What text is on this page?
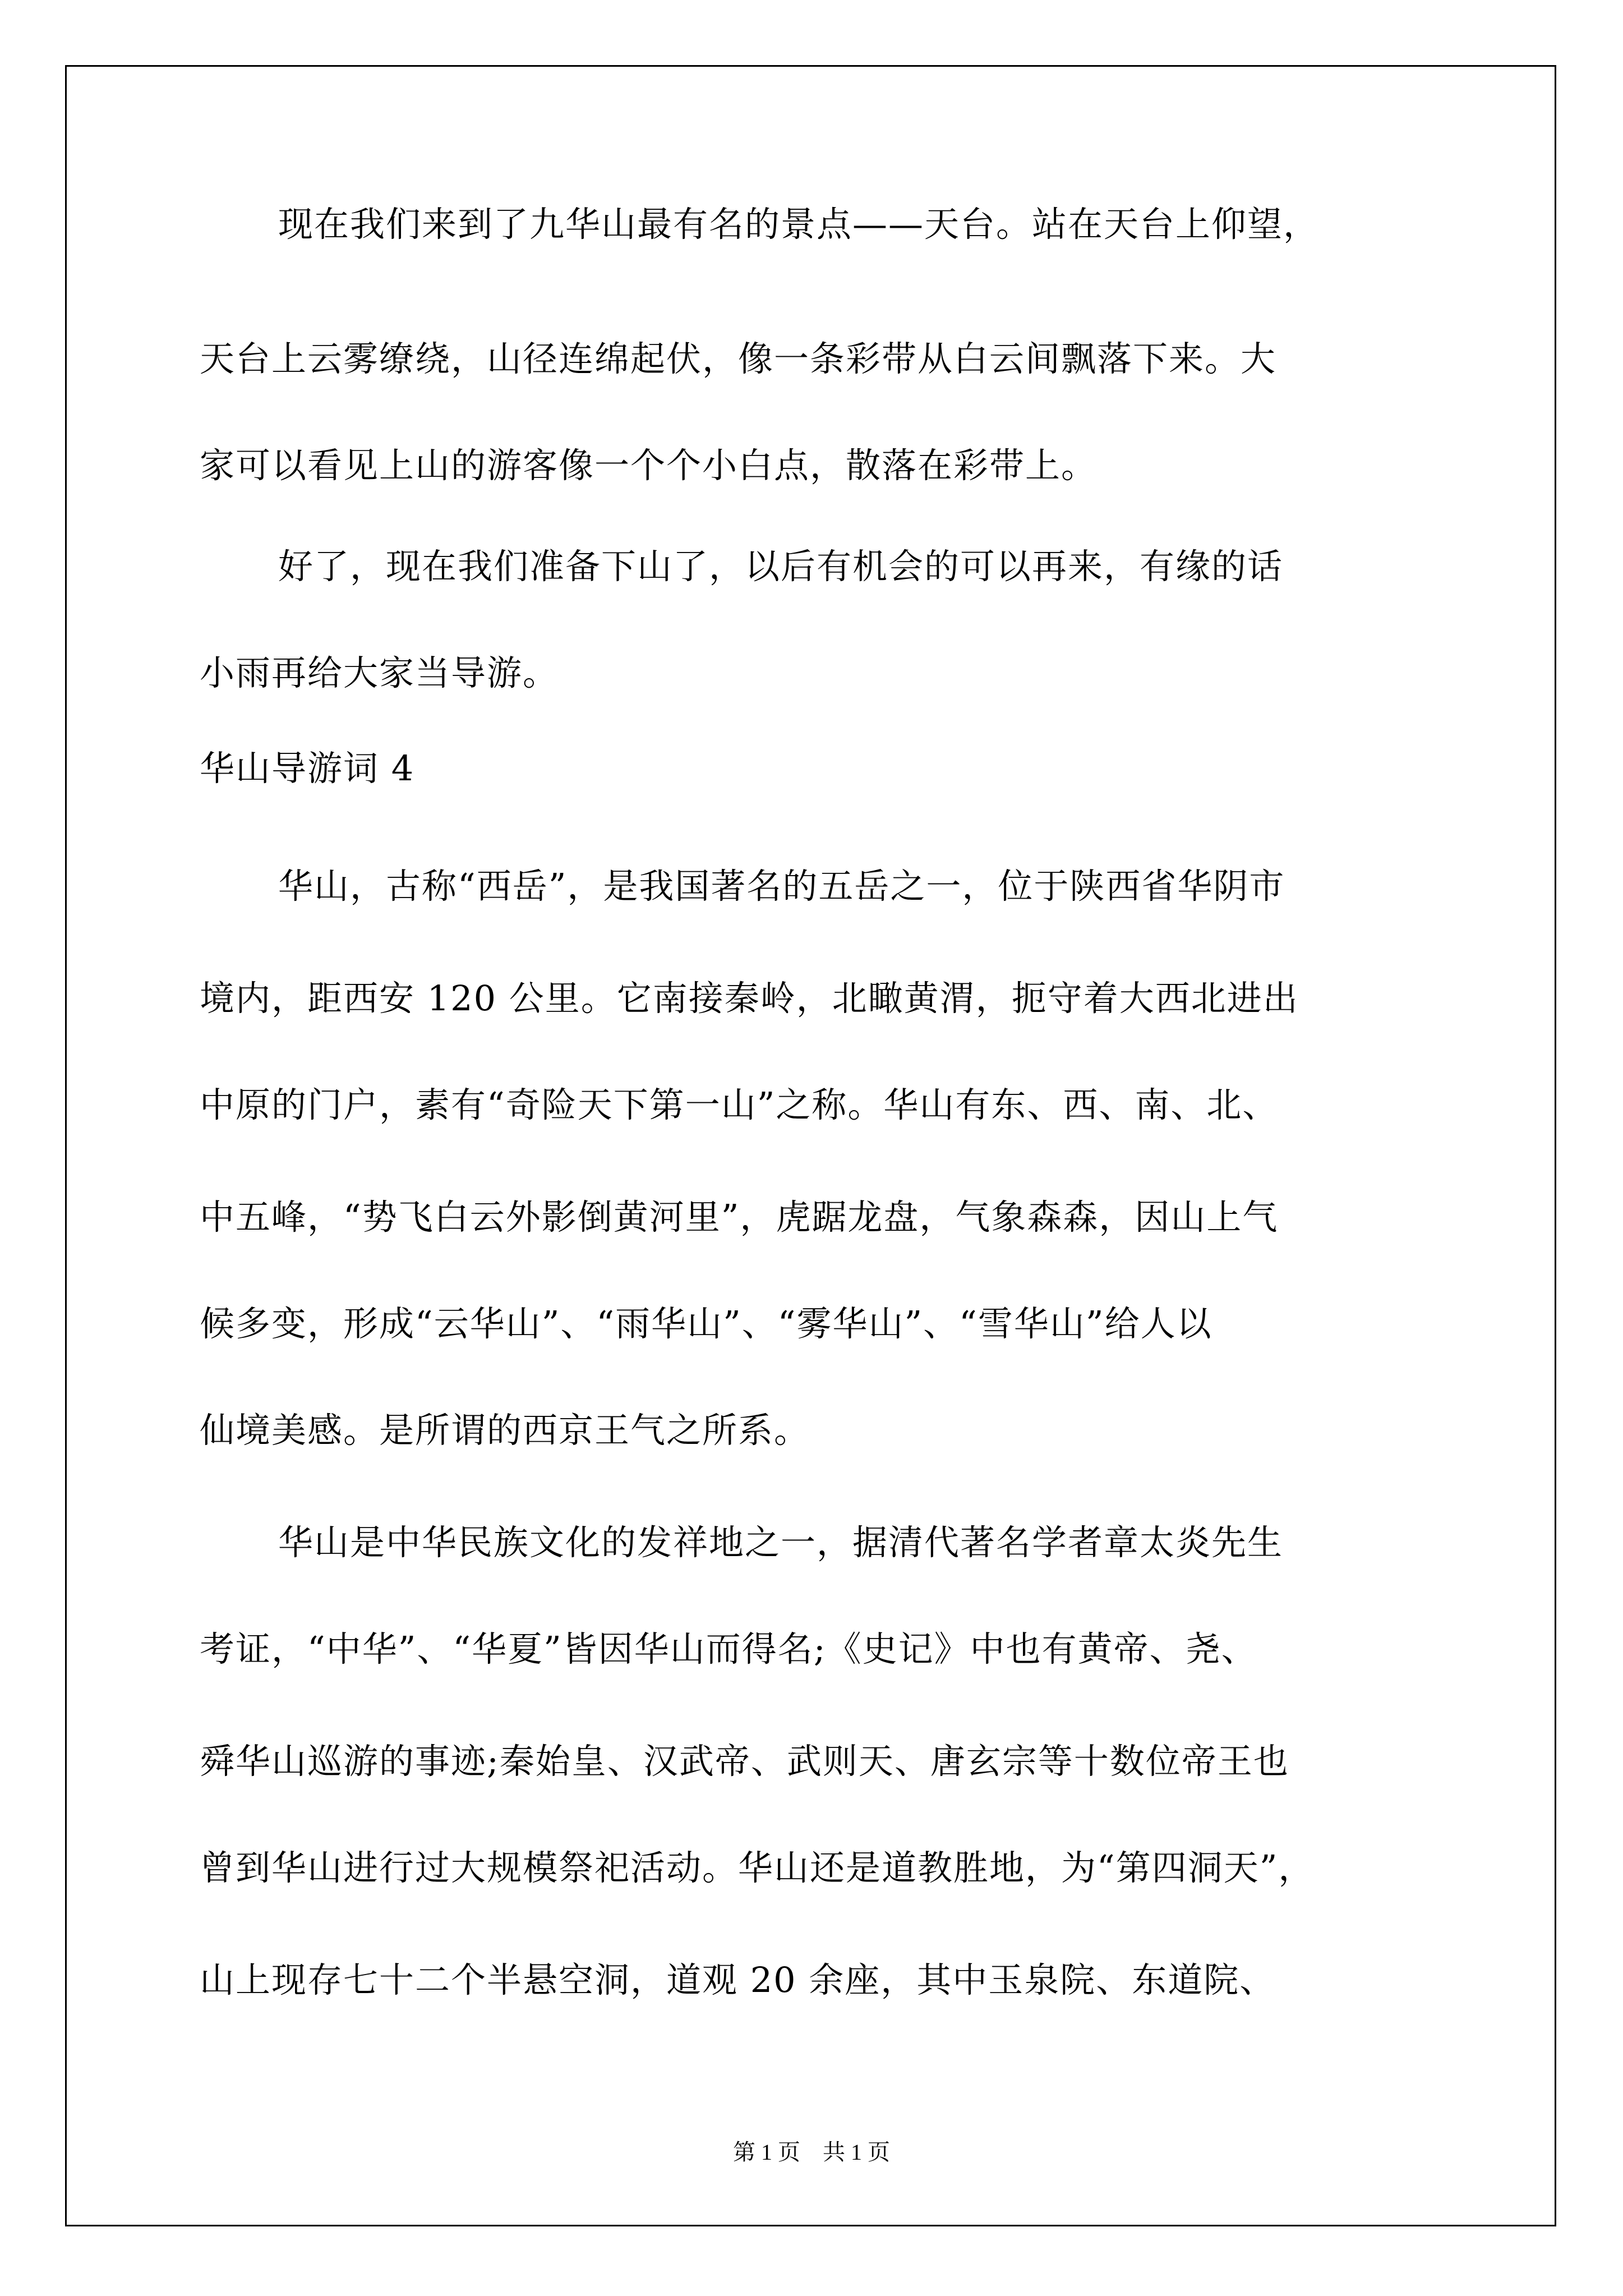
现在我们来到了九华山最有名的景点——天台。站在天台上仰望，
天台上云雾缭绕，山径连绵起伏，像一条彩带从白云间飘落下来。大
家可以看见上山的游客像一个个小白点，散落在彩带上。
好了，现在我们准备下山了，以后有机会的可以再来，有缘的话
小雨再给大家当导游。
华山导游词 4
华山，古称“西岳”，是我国著名的五岳之一，位于陕西省华阴市
境内，距西安 120 公里。它南接秦岭，北瞰黄渭，扼守着大西北进出
中原的门户，素有“奇险天下第一山”之称。华山有东、西、南、北、
中五峰，“势飞白云外影倒黄河里”，虎踞龙盘，气象森森，因山上气
候多变，形成“云华山”、“雨华山”、“雾华山”、“雪华山”给人以
仙境美感。是所谓的西京王气之所系。
华山是中华民族文化的发祥地之一，据清代著名学者章太炎先生
考证，“中华”、“华夏”皆因华山而得名;《史记》中也有黄帝、尧、
舜华山巡游的事迹;秦始皇、汉武帝、武则天、唐玄宗等十数位帝王也
曾到华山进行过大规模祭祀活动。华山还是道教胜地，为“第四洞天”，
山上现存七十二个半悬空洞，道观 20 余座，其中玉泉院、东道院、
第 1 页　共 1 页
